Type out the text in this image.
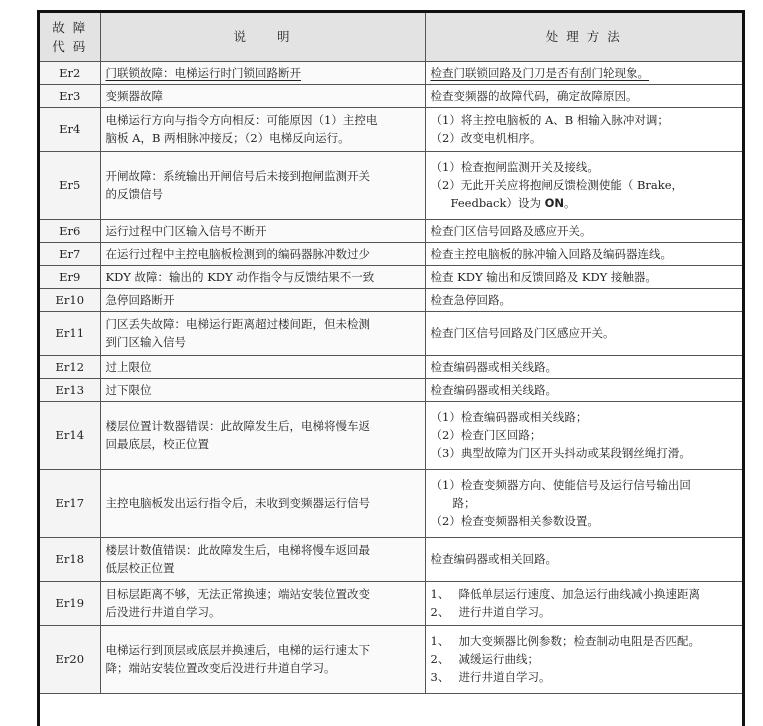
故 障
代 码	说　　明	处 理 方 法
Er2	门联锁故障：电梯运行时门锁回路断开	检查门联锁回路及门刀是否有刮门轮现象。
Er3	变频器故障	检查变频器的故障代码，确定故障原因。
Er4	电梯运行方向与指令方向相反：可能原因（1）主控电
脑板 A，B 两相脉冲接反；（2）电梯反向运行。	（1）将主控电脑板的 A、B 相输入脉冲对调；
（2）改变电机相序。

Er5	开闸故障：系统输出开闸信号后未接到抱闸监测开关
的反馈信号	（1）检查抱闸监测开关及接线。
（2）无此开关应将抱闸反馈检测使能（ Brake，
Feedback）设为 ON。

Er6	运行过程中门区输入信号不断开	检查门区信号回路及感应开关。
Er7	在运行过程中主控电脑板检测到的编码器脉冲数过少	检查主控电脑板的脉冲输入回路及编码器连线。
Er9	KDY 故障：输出的 KDY 动作指令与反馈结果不一致	检查 KDY 输出和反馈回路及 KDY 接触器。
Er10	急停回路断开	检查急停回路。
Er11	门区丢失故障：电梯运行距离超过楼间距，但未检测
到门区输入信号	检查门区信号回路及门区感应开关。
Er12	过上限位	检查编码器或相关线路。
Er13	过下限位	检查编码器或相关线路。
Er14	楼层位置计数器错误：此故障发生后，电梯将慢车返
回最底层，校正位置	（1）检查编码器或相关线路；
（2）检查门区回路；
（3）典型故障为门区开头抖动或某段钢丝绳打滑。

Er17	主控电脑板发出运行指令后，未收到变频器运行信号	（1）检查变频器方向、使能信号及运行信号输出回
路；
（2）检查变频器相关参数设置。

Er18	楼层计数值错误：此故障发生后，电梯将慢车返回最
低层校正位置	检查编码器或相关回路。
Er19	目标层距离不够，无法正常换速；端站安装位置改变
后没进行井道自学习。	1、 降低单层运行速度、加急运行曲线减小换速距离
2、 进行井道自学习。

Er20	电梯运行到顶层或底层并换速后，电梯的运行速太下
降；端站安装位置改变后没进行井道自学习。	1、 加大变频器比例参数；检查制动电阻是否匹配。
2、 减缓运行曲线；
3、 进行井道自学习。
